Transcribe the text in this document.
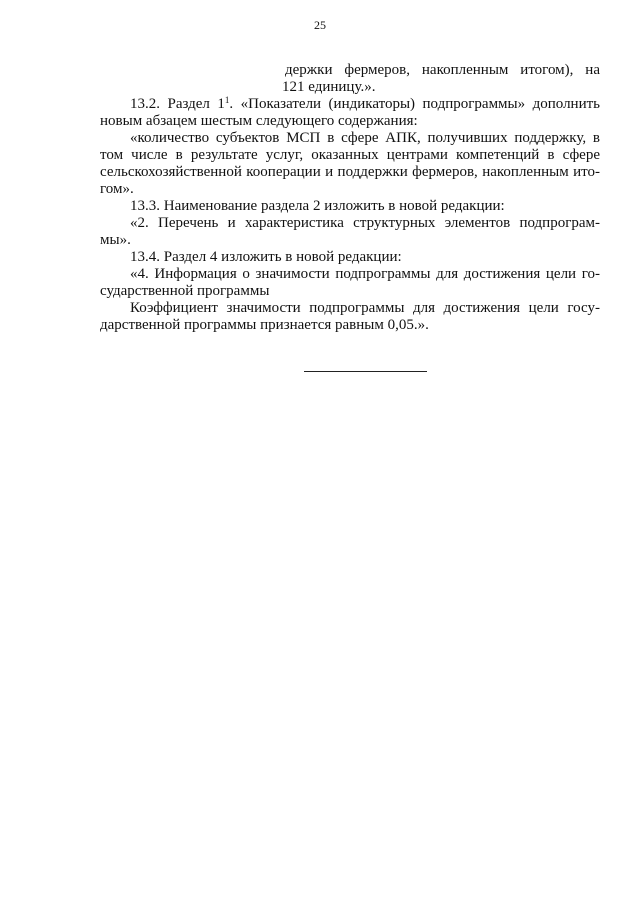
25
держки фермеров, накопленным итогом), на
121 единицу.».
13.2. Раздел $1^1$. «Показатели (индикаторы) подпрограммы» дополнить
новым абзацем шестым следующего содержания:
«количество субъектов МСП в сфере АПК, получивших поддержку, в
том числе в результате услуг, оказанных центрами компетенций в сфере
сельскохозяйственной кооперации и поддержки фермеров, накопленным ито-
гом».
13.3. Наименование раздела 2 изложить в новой редакции:
«2. Перечень и характеристика структурных элементов подпрограм-
мы».
13.4. Раздел 4 изложить в новой редакции:
«4. Информация о значимости подпрограммы для достижения цели го-
сударственной программы
Коэффициент значимости подпрограммы для достижения цели госу-
дарственной программы признается равным 0,05.».
